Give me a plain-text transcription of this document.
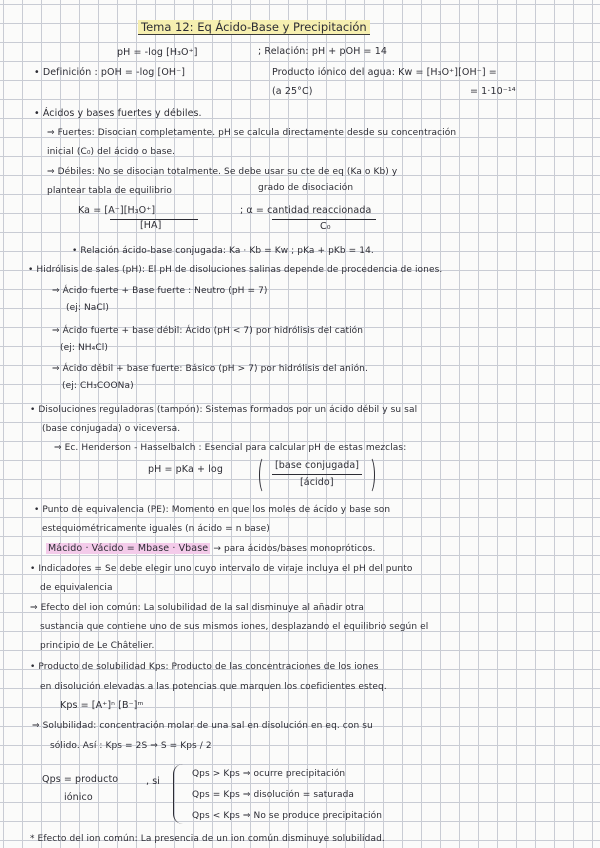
Tema 12: Eq Ácido-Base y Precipitación
pH = -log [H₃O⁺]	; Relación: pH + pOH = 14
• Definición : pOH = -log [OH⁻]	Producto iónico del agua: Kw = [H₃O⁺][OH⁻] =
(a 25°C)	= 1·10⁻¹⁴
• Ácidos y bases fuertes y débiles.
⇒ Fuertes: Disocian completamente. pH se calcula directamente desde su concentración
inicial (C₀) del ácido o base.
⇒ Débiles: No se disocian totalmente. Se debe usar su cte de eq (Ka o Kb) y
plantear tabla de equilibrio	grado de disociación
Ka = [A⁻][H₃O⁺]
[HA]
; α = cantidad reaccionada
C₀
• Relación ácido-base conjugada: Ka · Kb = Kw ; pKa + pKb = 14.
• Hidrólisis de sales (pH): El pH de disoluciones salinas depende de procedencia de iones.
⇒ Ácido fuerte + Base fuerte : Neutro (pH = 7)
(ej: NaCl)
⇒ Ácido fuerte + base débil: Ácido (pH < 7) por hidrólisis del catión
(ej: NH₄Cl)
⇒ Ácido débil + base fuerte: Básico (pH > 7) por hidrólisis del anión.
(ej: CH₃COONa)
• Disoluciones reguladoras (tampón): Sistemas formados por un ácido débil y su sal
(base conjugada) o viceversa.
⇒ Ec. Henderson - Hasselbalch : Esencial para calcular pH de estas mezclas:
pH = pKa + log	[base conjugada]
[ácido]
• Punto de equivalencia (PE): Momento en que los moles de ácido y base son
estequiométricamente iguales (n ácido = n base)
Mácido · Vácido = Mbase · Vbase → para ácidos/bases monopróticos.
• Indicadores = Se debe elegir uno cuyo intervalo de viraje incluya el pH del punto
de equivalencia
⇒ Efecto del ion común: La solubilidad de la sal disminuye al añadir otra
sustancia que contiene uno de sus mismos iones, desplazando el equilibrio según el
principio de Le Châtelier.
• Producto de solubilidad Kps: Producto de las concentraciones de los iones
en disolución elevadas a las potencias que marquen los coeficientes esteq.
Kps = [A⁺]ⁿ [B⁻]ᵐ
⇒ Solubilidad: concentración molar de una sal en disolución en eq. con su
sólido. Así : Kps = 2S ⇒ S = Kps / 2
Qps = producto
iónico
, si
Qps > Kps ⇒ ocurre precipitación
Qps = Kps ⇒ disolución = saturada
Qps < Kps ⇒ No se produce precipitación
* Efecto del ion común: La presencia de un ion común disminuye solubilidad.
